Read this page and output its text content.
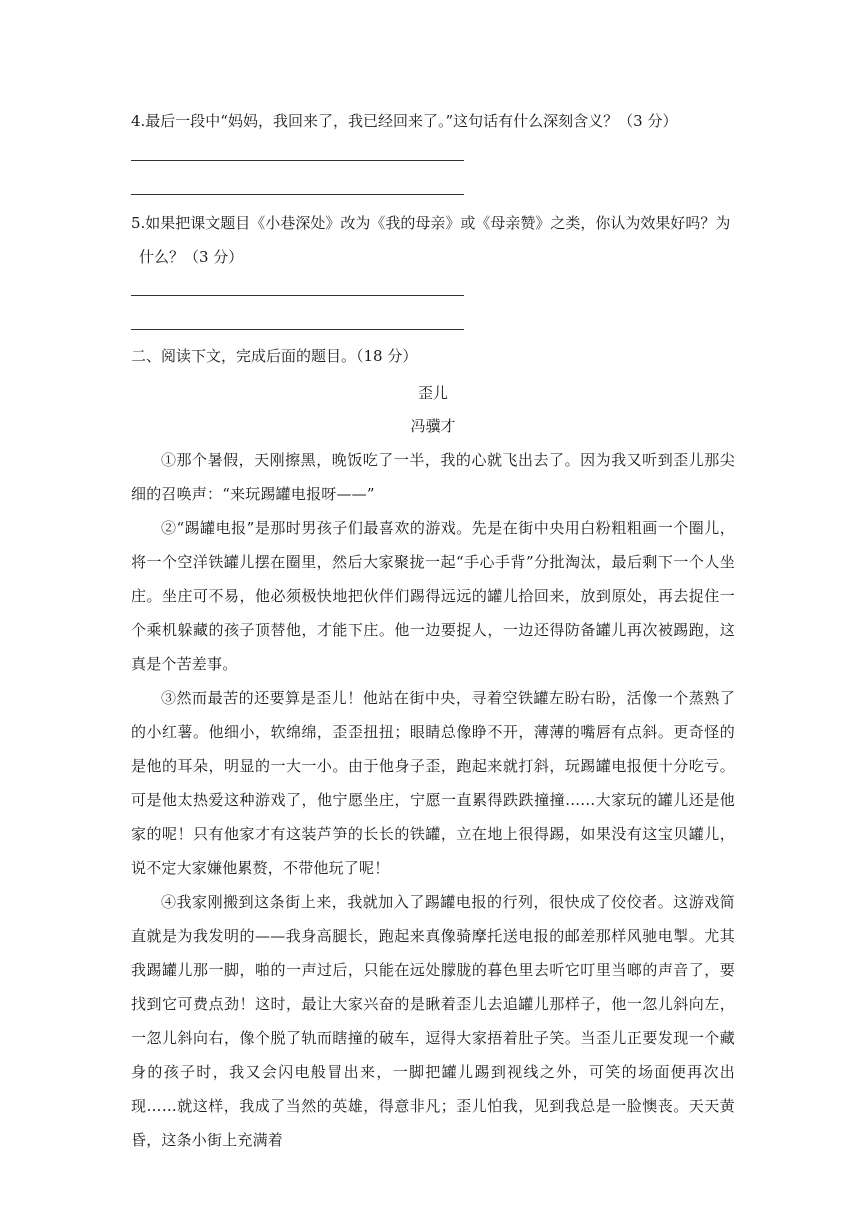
4.最后一段中“妈妈，我回来了，我已经回来了。”这句话有什么深刻含义？（3 分）

5.如果把课文题目《小巷深处》改为《我的母亲》或《母亲赞》之类，你认为效果好吗？为
什么？（3 分）

二、阅读下文，完成后面的题目。（18 分）

歪儿

冯骥才

①那个暑假，天刚擦黑，晚饭吃了一半，我的心就飞出去了。因为我又听到歪儿那尖细的召唤声：“来玩踢罐电报呀——”

②“踢罐电报”是那时男孩子们最喜欢的游戏。先是在街中央用白粉粗粗画一个圈儿，将一个空洋铁罐儿摆在圈里，然后大家聚拢一起“手心手背”分批淘汰，最后剩下一个人坐庄。坐庄可不易，他必须极快地把伙伴们踢得远远的罐儿拾回来，放到原处，再去捉住一个乘机躲藏的孩子顶替他，才能下庄。他一边要捉人，一边还得防备罐儿再次被踢跑，这真是个苦差事。

③然而最苦的还要算是歪儿！他站在街中央，寻着空铁罐左盼右盼，活像一个蒸熟了的小红薯。他细小，软绵绵，歪歪扭扭；眼睛总像睁不开，薄薄的嘴唇有点斜。更奇怪的是他的耳朵，明显的一大一小。由于他身子歪，跑起来就打斜，玩踢罐电报便十分吃亏。可是他太热爱这种游戏了，他宁愿坐庄，宁愿一直累得跌跌撞撞……大家玩的罐儿还是他家的呢！只有他家才有这装芦笋的长长的铁罐，立在地上很得踢，如果没有这宝贝罐儿，说不定大家嫌他累赘，不带他玩了呢！

④我家刚搬到这条街上来，我就加入了踢罐电报的行列，很快成了佼佼者。这游戏简直就是为我发明的——我身高腿长，跑起来真像骑摩托送电报的邮差那样风驰电掣。尤其我踢罐儿那一脚，啪的一声过后，只能在远处朦胧的暮色里去听它叮里当啷的声音了，要找到它可费点劲！这时，最让大家兴奋的是瞅着歪儿去追罐儿那样子，他一忽儿斜向左，一忽儿斜向右，像个脱了轨而瞎撞的破车，逗得大家捂着肚子笑。当歪儿正要发现一个藏身的孩子时，我又会闪电般冒出来，一脚把罐儿踢到视线之外，可笑的场面便再次出现……就这样，我成了当然的英雄，得意非凡；歪儿怕我，见到我总是一脸懊丧。天天黄昏，这条小街上充满着
